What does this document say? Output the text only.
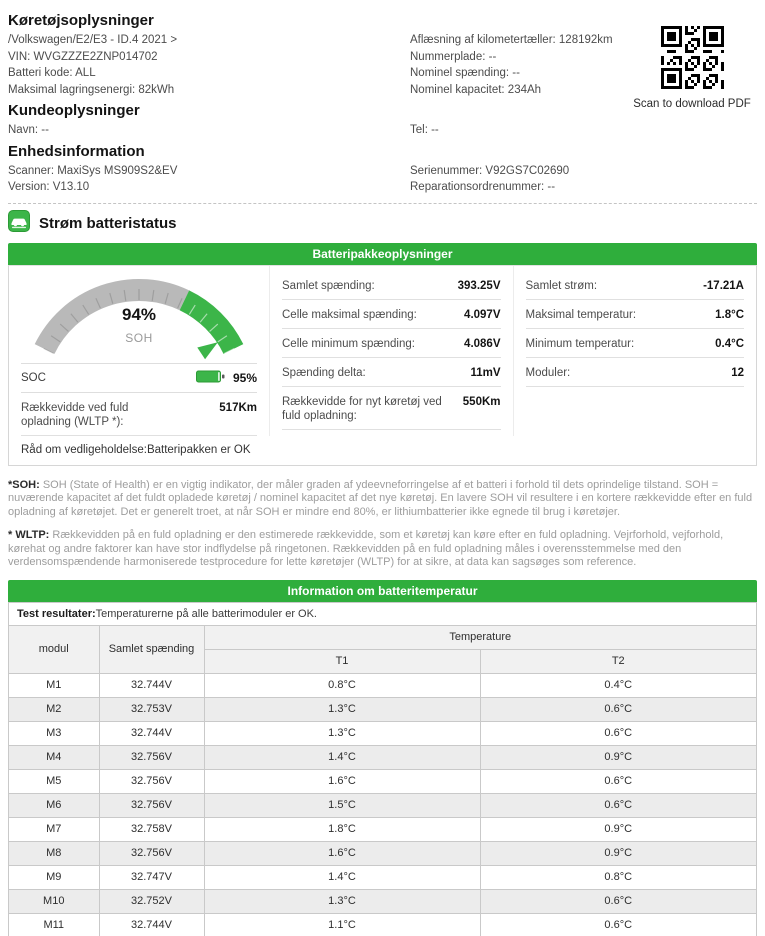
Køretøjsoplysninger
/Volkswagen/E2/E3 - ID.4 2021 >	Aflæsning af kilometertæller: 128192km
VIN: WVGZZZE2ZNP014702	Nummerplade: --
Batteri kode: ALL	Nominel spænding: --
Maksimal lagringsenergi: 82kWh	Nominel kapacitet: 234Ah
Kundeoplysninger
Navn: --	Tel: --
Enhedsinformation
Scanner: MaxiSys MS909S2&EV	Serienummer: V92GS7C02690
Version: V13.10	Reparationsordrenummer: --
Scan to download PDF
Strøm batteristatus
Batteripakkeoplysninger
94%
SOH
SOC	95%
Rækkevidde ved fuld opladning (WLTP *):
517Km
Samlet spænding:	393.25V
Celle maksimal spænding:	4.097V
Celle minimum spænding:	4.086V
Spænding delta:	11mV
Rækkevidde for nyt køretøj ved fuld opladning:
550Km
Samlet strøm:	-17.21A
Maksimal temperatur:	1.8°C
Minimum temperatur:	0.4°C
Moduler:	12
Råd om vedligeholdelse:Batteripakken er OK

*SOH: SOH (State of Health) er en vigtig indikator, der måler graden af ydeevneforringelse af et batteri i forhold til dets oprindelige tilstand. SOH = nuværende kapacitet af det fuldt opladede køretøj / nominel kapacitet af det nye køretøj. En lavere SOH vil resultere i en kortere rækkevidde efter en fuld opladning af køretøjet. Det er generelt troet, at når SOH er mindre end 80%, er lithiumbatterier ikke egnede til brug i køretøjer.

* WLTP: Rækkevidden på en fuld opladning er den estimerede rækkevidde, som et køretøj kan køre efter en fuld opladning. Vejrforhold, vejforhold, kørehat og andre faktorer kan have stor indflydelse på ringetonen. Rækkevidden på en fuld opladning måles i overensstemmelse med den verdensomspændende harmoniserede testprocedure for lette køretøjer (WLTP) for at sikre, at data kan sagsøges som reference.

Information om batteritemperatur
Test resultater:Temperaturerne på alle batterimoduler er OK.
modul	Samlet spænding	Temperature	
		T1	T2
M1	32.744V	0.8°C	0.4°C
M2	32.753V	1.3°C	0.6°C
M3	32.744V	1.3°C	0.6°C
M4	32.756V	1.4°C	0.9°C
M5	32.756V	1.6°C	0.6°C
M6	32.756V	1.5°C	0.6°C
M7	32.758V	1.8°C	0.9°C
M8	32.756V	1.6°C	0.9°C
M9	32.747V	1.4°C	0.8°C
M10	32.752V	1.3°C	0.6°C
M11	32.744V	1.1°C	0.6°C
